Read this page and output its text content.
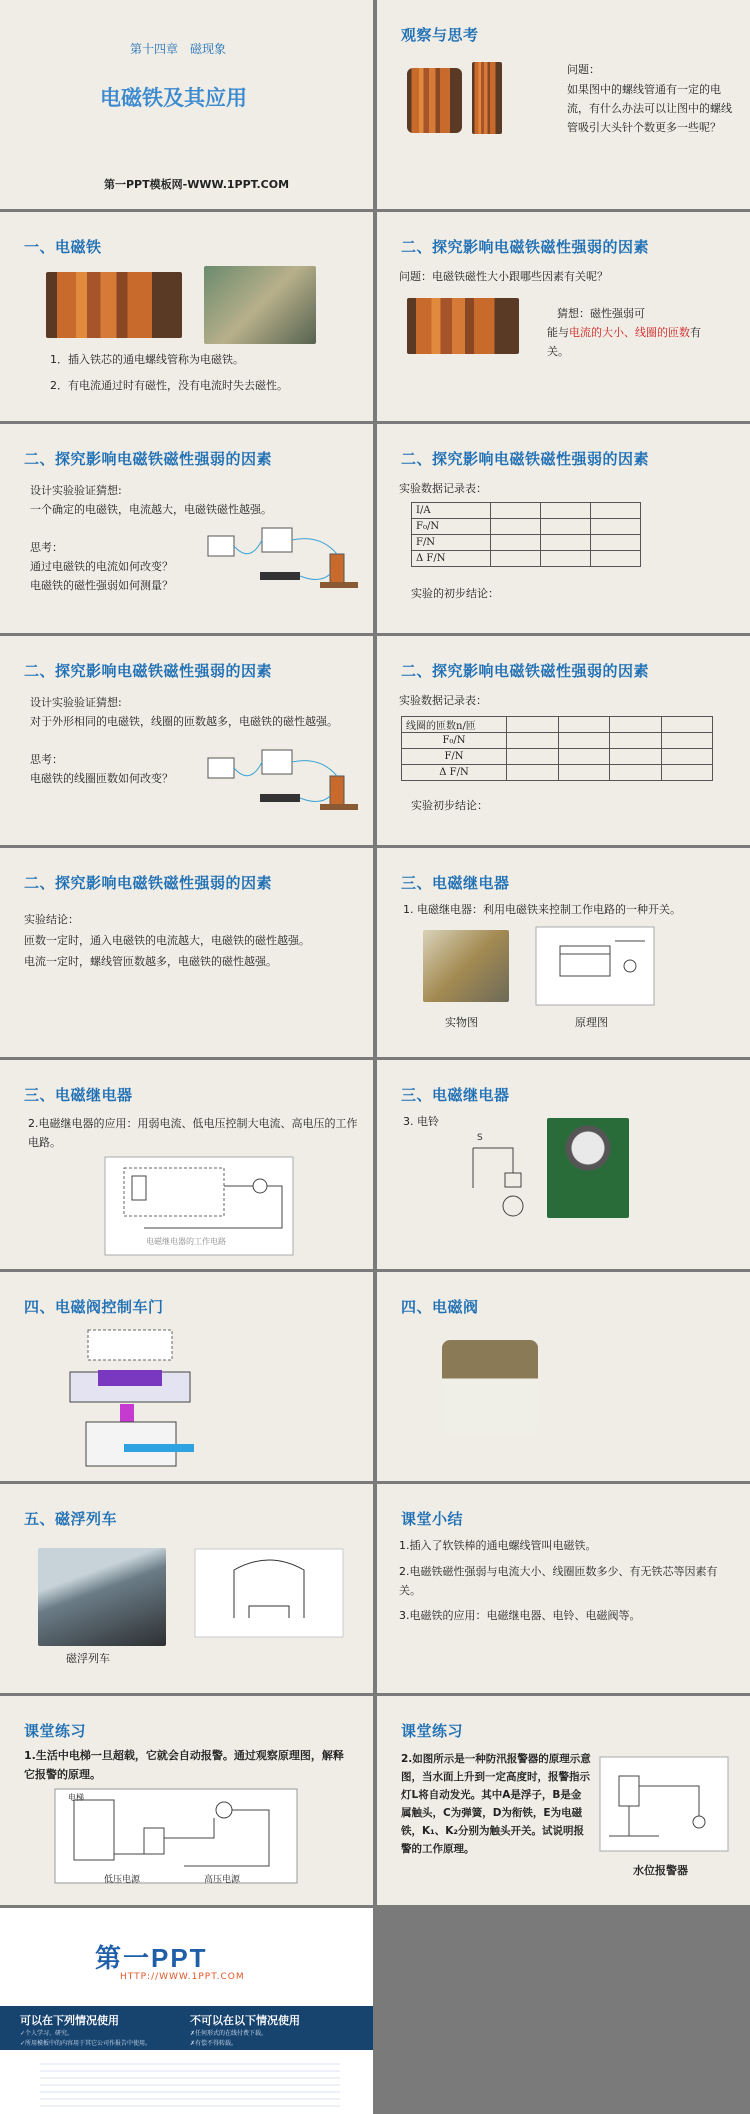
第十四章　磁现象
电磁铁及其应用
第一PPT模板网-WWW.1PPT.COM
观察与思考
问题：
如果图中的螺线管通有一定的电流，有什么办法可以让图中的螺线管吸引大头针个数更多一些呢？
一、电磁铁
1．插入铁芯的通电螺线管称为电磁铁。
2．有电流通过时有磁性，没有电流时失去磁性。
二、探究影响电磁铁磁性强弱的因素
问题：电磁铁磁性大小跟哪些因素有关呢？
猜想：磁性强弱可
能与电流的大小、线圈的匝数有关。
二、探究影响电磁铁磁性强弱的因素
设计实验验证猜想:
一个确定的电磁铁，电流越大，电磁铁磁性越强。
思考：
通过电磁铁的电流如何改变？
电磁铁的磁性强弱如何测量？
二、探究影响电磁铁磁性强弱的因素
实验数据记录表：
I/A			
F₀/N			
F/N			
Δ F/N			
实验的初步结论：
二、探究影响电磁铁磁性强弱的因素
设计实验验证猜想:
对于外形相同的电磁铁，线圈的匝数越多，电磁铁的磁性越强。
思考：
电磁铁的线圈匝数如何改变？
二、探究影响电磁铁磁性强弱的因素
实验数据记录表：
线圈的匝数n/匝				
F₀/N				
F/N				
Δ F/N				
实验初步结论：
二、探究影响电磁铁磁性强弱的因素
实验结论：
匝数一定时，通入电磁铁的电流越大，电磁铁的磁性越强。
电流一定时，螺线管匝数越多，电磁铁的磁性越强。
三、电磁继电器
1. 电磁继电器：利用电磁铁来控制工作电路的一种开关。
实物图	原理图
三、电磁继电器
2.电磁继电器的应用：用弱电流、低电压控制大电流、高电压的工作电路。
电磁继电器的工作电路
三、电磁继电器
3. 电铃
S
四、电磁阀控制车门	四、电磁阀
五、磁浮列车
磁浮列车
课堂小结
1.插入了软铁棒的通电螺线管叫电磁铁。
2.电磁铁磁性强弱与电流大小、线圈匝数多少、有无铁芯等因素有关。
3.电磁铁的应用：电磁继电器、电铃、电磁阀等。
课堂练习
1.生活中电梯一旦超载，它就会自动报警。通过观察原理图，解释它报警的原理。
电梯
低压电源	高压电源
课堂练习
2.如图所示是一种防汛报警器的原理示意图，当水面上升到一定高度时，报警指示灯L将自动发光。其中A是浮子，B是金属触头，C为弹簧，D为衔铁，E为电磁铁，K₁、K₂分别为触头开关。试说明报警的工作原理。
水位报警器
第一PPT
HTTP://WWW.1PPT.COM
可以在下列情况使用	不可以在以下情况使用
✓个人学习、研究。
✓所用模板中的内容用于其它公司作报告中使用。
✗任何形式的在线付费下载。
✗有偿不得转载。
